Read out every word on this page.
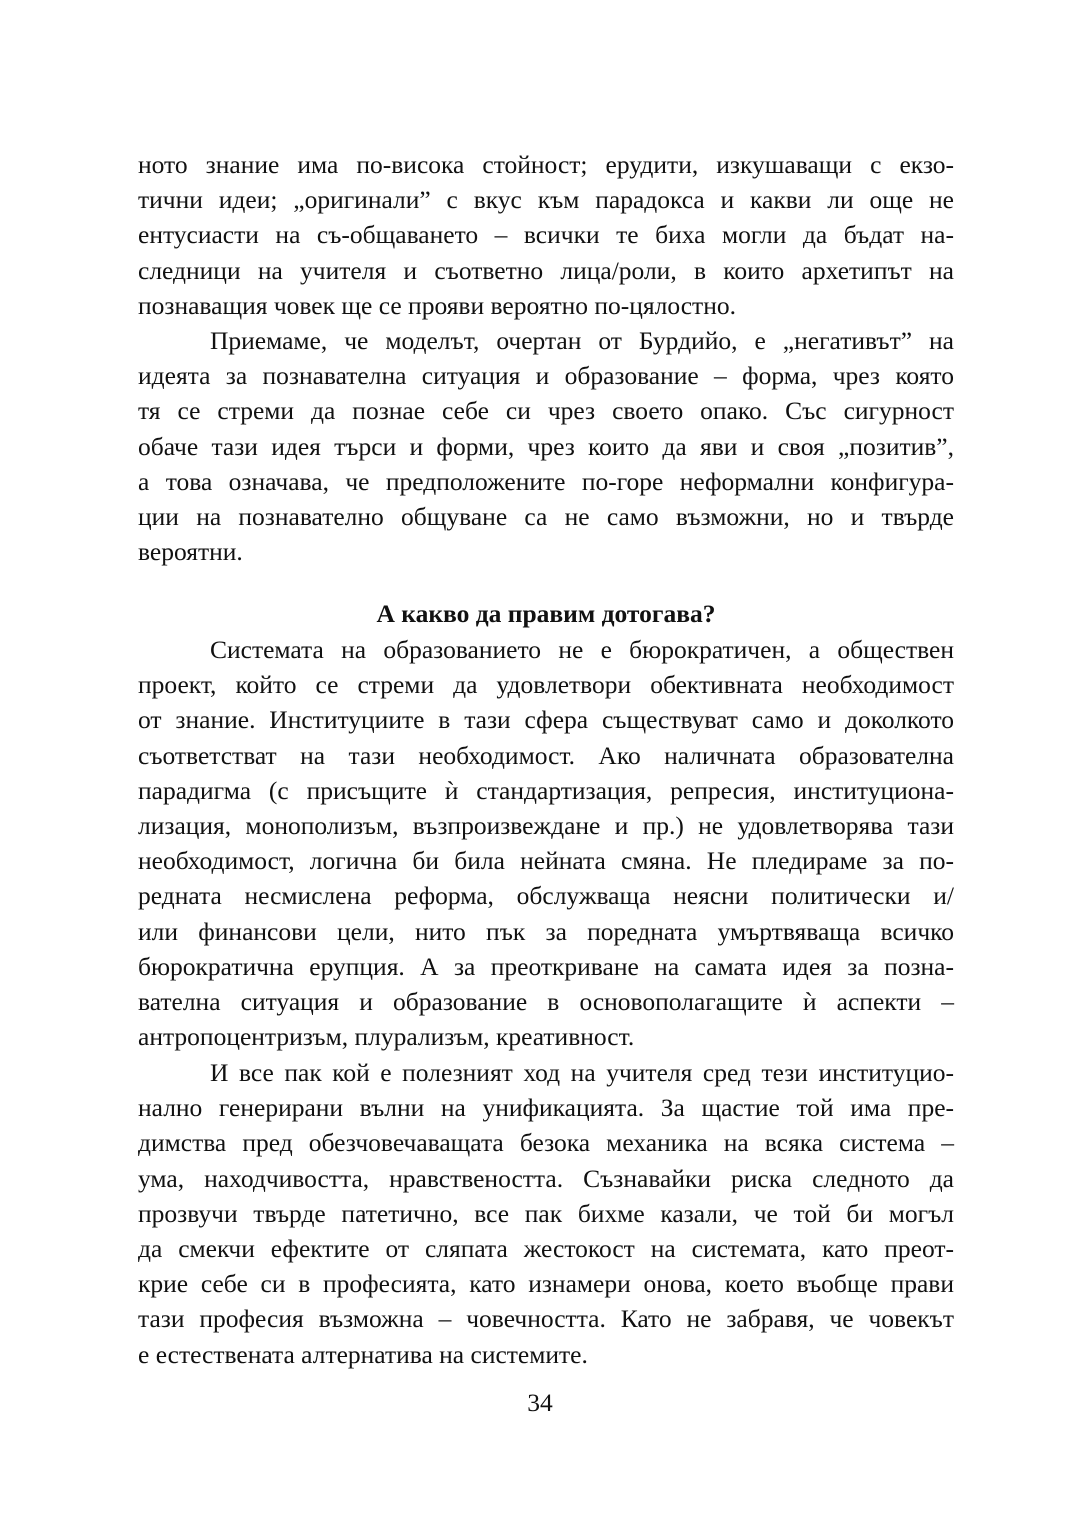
ното знание има по-висока стойност; ерудити, изкушаващи с екзо-
тични идеи; „оригинали” с вкус към парадокса и какви ли още не
ентусиасти на съ-общаването – всички те биха могли да бъдат на-
следници на учителя и съответно лица/роли, в които архетипът на
познаващия човек ще се прояви вероятно по-цялостно.
Приемаме, че моделът, очертан от Бурдийо, е „негативът” на
идеята за познавателна ситуация и образование – форма, чрез която
тя се стреми да познае себе си чрез своето опако. Със сигурност
обаче тази идея търси и форми, чрез които да яви и своя „позитив”,
а това означава, че предположените по-горе неформални конфигура-
ции на познавателно общуване са не само възможни, но и твърде
вероятни.
А какво да правим дотогава?
Системата на образованието не е бюрократичен, а обществен
проект, който се стреми да удовлетвори обективната необходимост
от знание. Институциите в тази сфера съществуват само и доколкото
съответстват на тази необходимост. Ако наличната образователна
парадигма (с присъщите ѝ стандартизация, репресия, институциона-
лизация, монополизъм, възпроизвеждане и пр.) не удовлетворява тази
необходимост, логична би била нейната смяна. Не пледираме за по-
редната несмислена реформа, обслужваща неясни политически и/
или финансови цели, нито пък за поредната умъртвяваща всичко
бюрократична ерупция. А за преоткриване на самата идея за позна-
вателна ситуация и образование в основополагащите ѝ аспекти –
антропоцентризъм, плурализъм, креативност.
И все пак кой е полезният ход на учителя сред тези институцио-
нално генерирани вълни на унификацията. За щастие той има пре-
димства пред обезчовечаващата безока механика на всяка система –
ума, находчивостта, нравствеността. Съзнавайки риска следното да
прозвучи твърде патетично, все пак бихме казали, че той би могъл
да смекчи ефектите от сляпата жестокост на системата, като преот-
крие себе си в професията, като изнамери онова, което въобще прави
тази професия възможна – човечността. Като не забравя, че човекът
е естествената алтернатива на системите.
34
